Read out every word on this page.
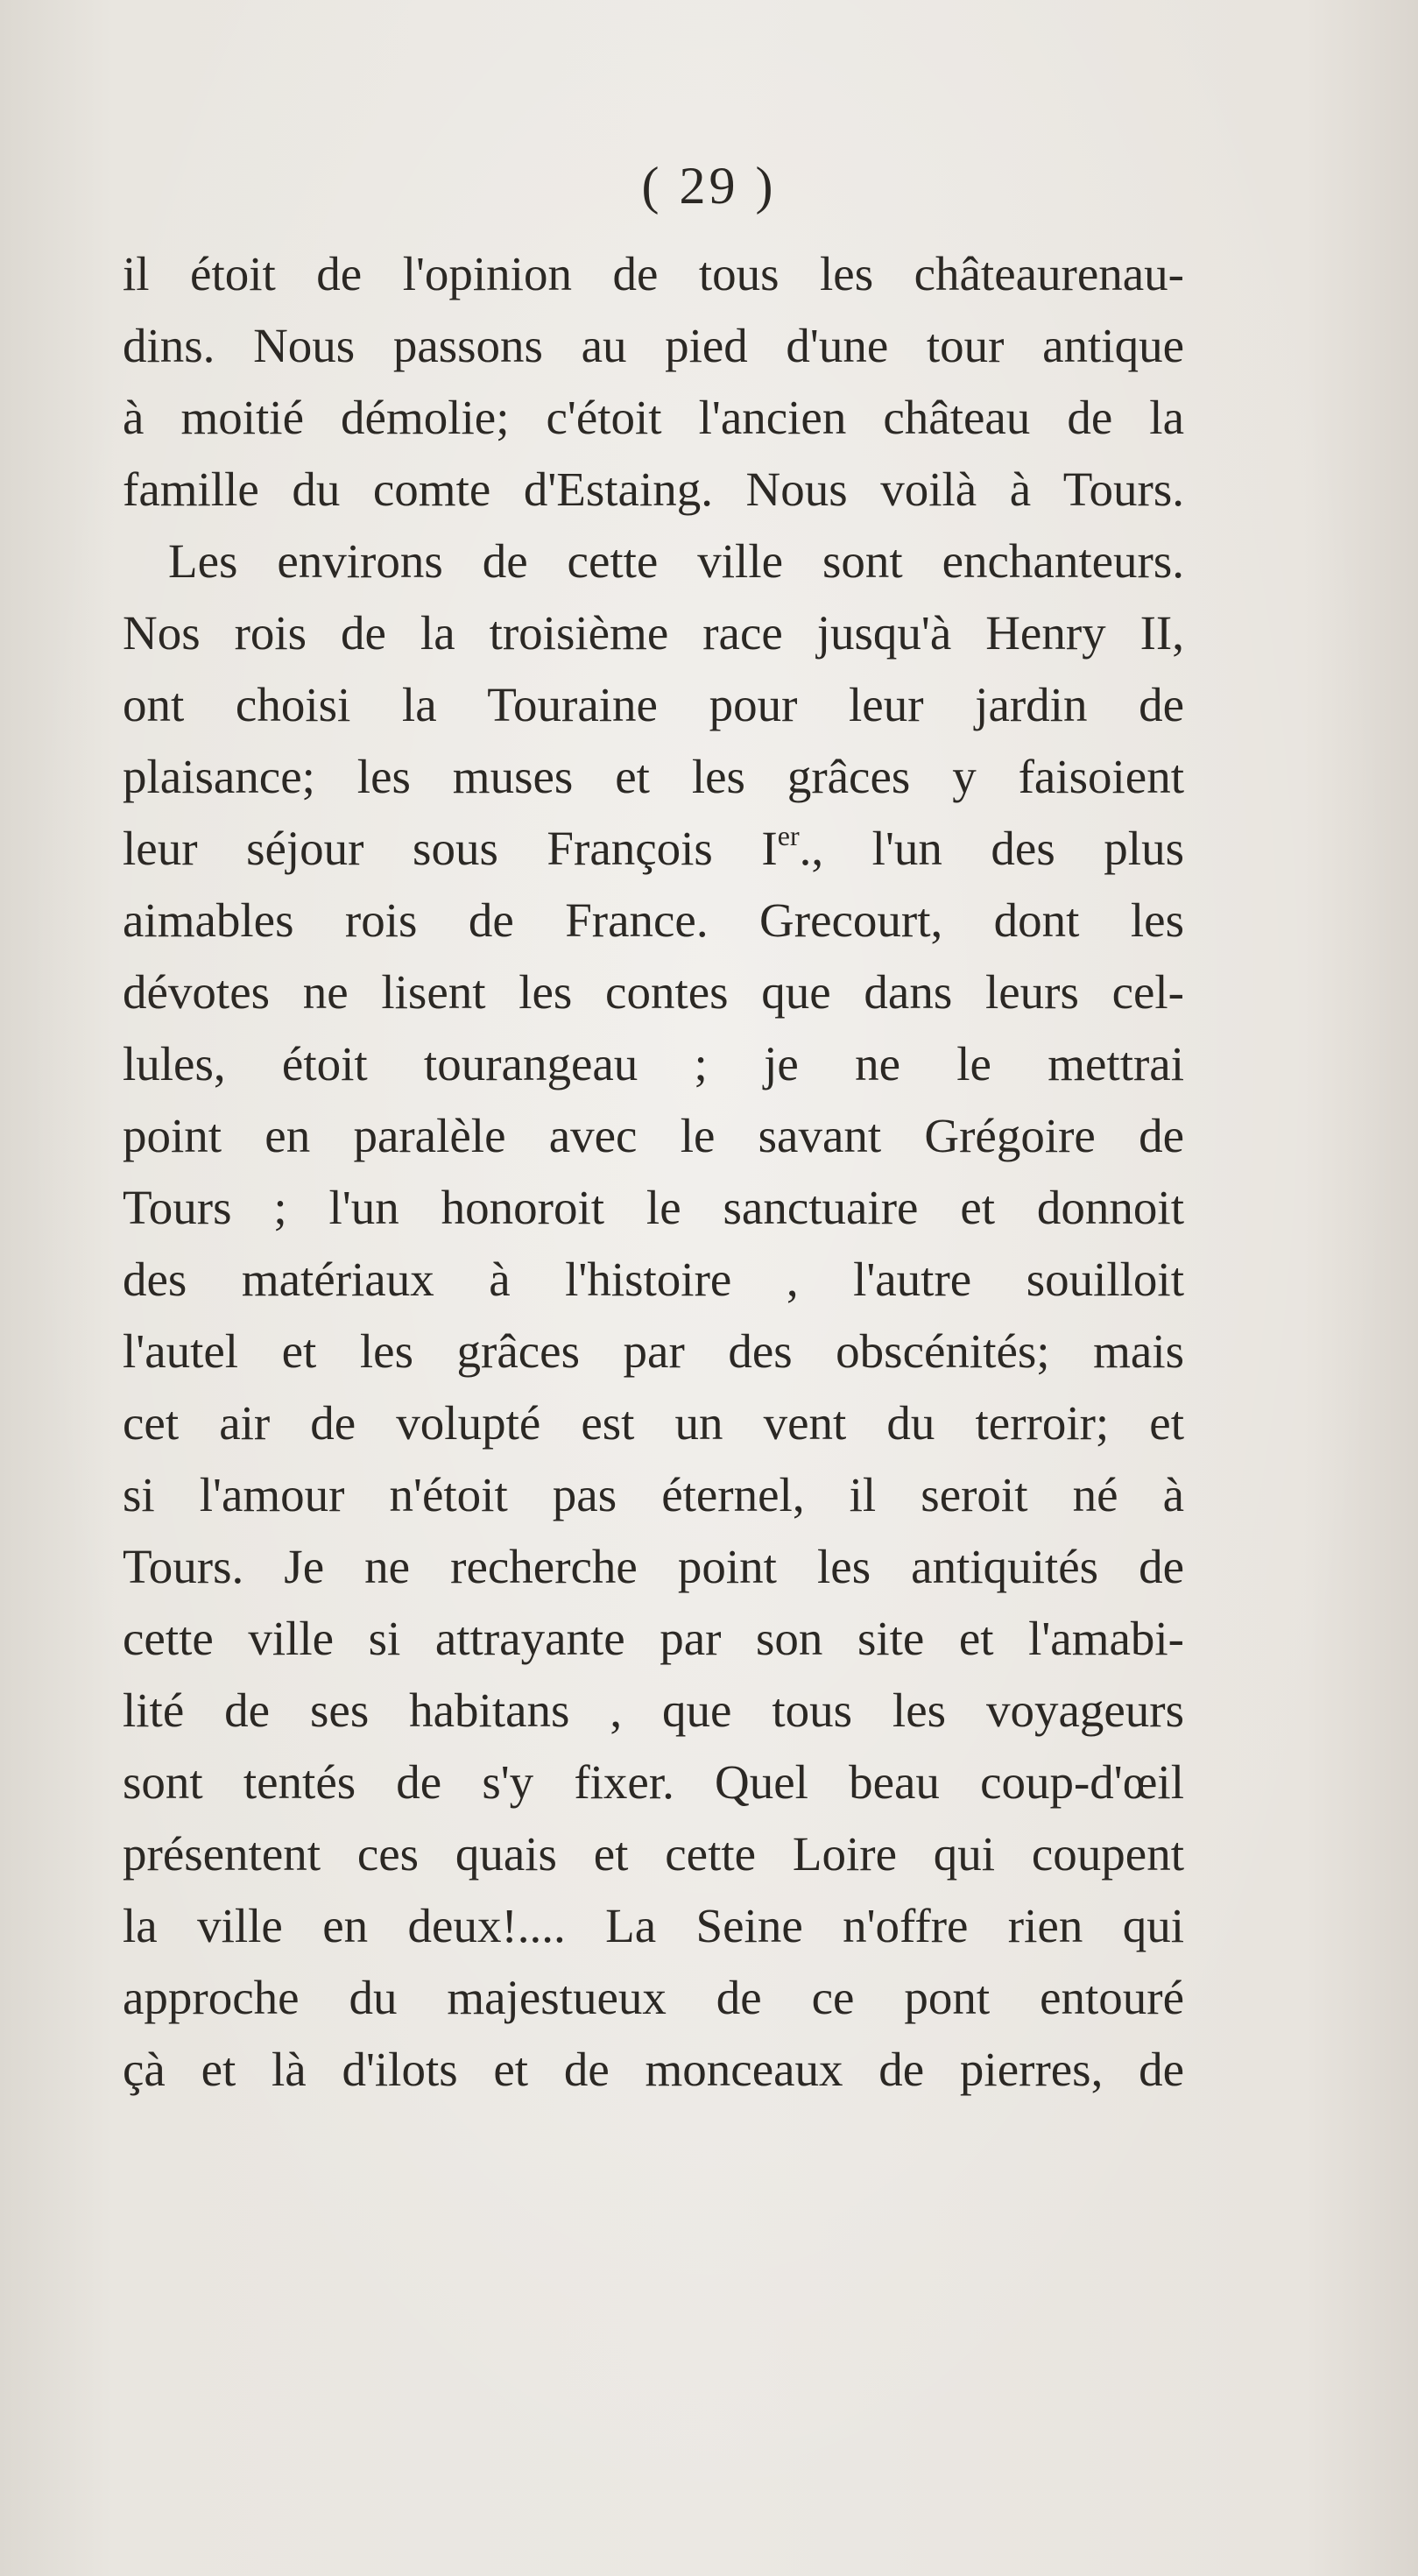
( 29 )
il étoit de l'opinion de tous les châteaurenau-
dins. Nous passons au pied d'une tour antique
à moitié démolie; c'étoit l'ancien château de la
famille du comte d'Estaing. Nous voilà à Tours.
Les environs de cette ville sont enchanteurs.
Nos rois de la troisième race jusqu'à Henry II,
ont choisi la Touraine pour leur jardin de
plaisance; les muses et les grâces y faisoient
leur séjour sous François Ier., l'un des plus
aimables rois de France. Grecourt, dont les
dévotes ne lisent les contes que dans leurs cel-
lules, étoit tourangeau ; je ne le mettrai
point en paralèle avec le savant Grégoire de
Tours ; l'un honoroit le sanctuaire et donnoit
des matériaux à l'histoire , l'autre souilloit
l'autel et les grâces par des obscénités; mais
cet air de volupté est un vent du terroir; et
si l'amour n'étoit pas éternel, il seroit né à
Tours. Je ne recherche point les antiquités de
cette ville si attrayante par son site et l'amabi-
lité de ses habitans , que tous les voyageurs
sont tentés de s'y fixer. Quel beau coup-d'œil
présentent ces quais et cette Loire qui coupent
la ville en deux!.... La Seine n'offre rien qui
approche du majestueux de ce pont entouré
çà et là d'ilots et de monceaux de pierres, de
